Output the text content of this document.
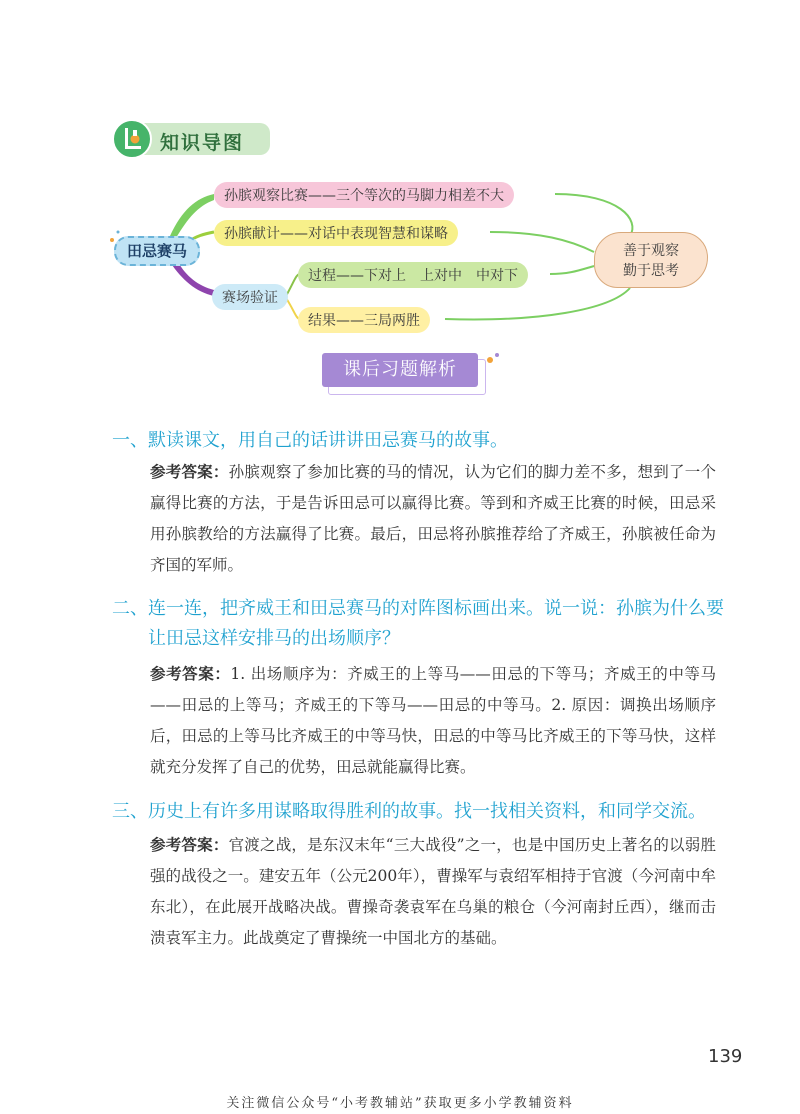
知识导图
田忌赛马
孙膑观察比赛——三个等次的马脚力相差不大
孙膑献计——对话中表现智慧和谋略
赛场验证
过程——下对上　上对中　中对下
结果——三局两胜
善于观察
勤于思考
课后习题解析
一、默读课文，用自己的话讲讲田忌赛马的故事。
参考答案：孙膑观察了参加比赛的马的情况，认为它们的脚力差不多，想到了一个赢得比赛的方法，于是告诉田忌可以赢得比赛。等到和齐威王比赛的时候，田忌采用孙膑教给的方法赢得了比赛。最后，田忌将孙膑推荐给了齐威王，孙膑被任命为齐国的军师。
二、连一连，把齐威王和田忌赛马的对阵图标画出来。说一说：孙膑为什么要
让田忌这样安排马的出场顺序？
参考答案：1. 出场顺序为：齐威王的上等马——田忌的下等马；齐威王的中等马——田忌的上等马；齐威王的下等马——田忌的中等马。2. 原因：调换出场顺序后，田忌的上等马比齐威王的中等马快，田忌的中等马比齐威王的下等马快，这样就充分发挥了自己的优势，田忌就能赢得比赛。
三、历史上有许多用谋略取得胜利的故事。找一找相关资料，和同学交流。
参考答案：官渡之战，是东汉末年“三大战役”之一，也是中国历史上著名的以弱胜强的战役之一。建安五年（公元200年），曹操军与袁绍军相持于官渡（今河南中牟东北），在此展开战略决战。曹操奇袭袁军在乌巢的粮仓（今河南封丘西），继而击溃袁军主力。此战奠定了曹操统一中国北方的基础。
139
关注微信公众号“小考教辅站”获取更多小学教辅资料
